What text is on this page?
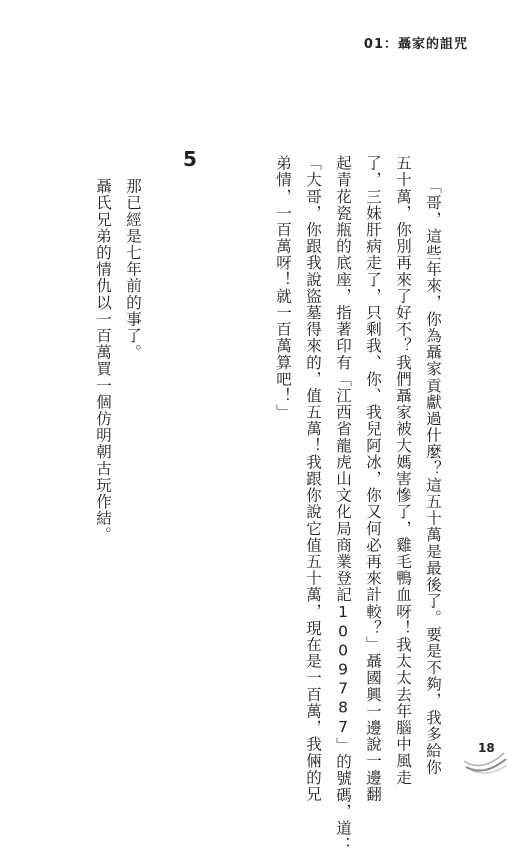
01：聶家的詛咒
「哥，這些年來，你為聶家貢獻過什麼？這五十萬是最後了。要是不夠，我多給你
五十萬，你別再來了好不？我們聶家被大媽害慘了，雞毛鴨血呀！我太太去年腦中風走
了，三妹肝病走了，只剩我、你、我兒阿冰，你又何必再來計較？」聶國興一邊說一邊翻
起青花瓷瓶的底座，指著印有「江西省龍虎山文化局商業登記1009787」的號碼，道：
「大哥，你跟我說盜墓得來的，值五萬！我跟你說它值五十萬，現在是一百萬，我倆的兄
弟情，一百萬呀！就一百萬算吧！」
5
那已經是七年前的事了。
聶氏兄弟的情仇以一百萬買一個仿明朝古玩作結。
18
